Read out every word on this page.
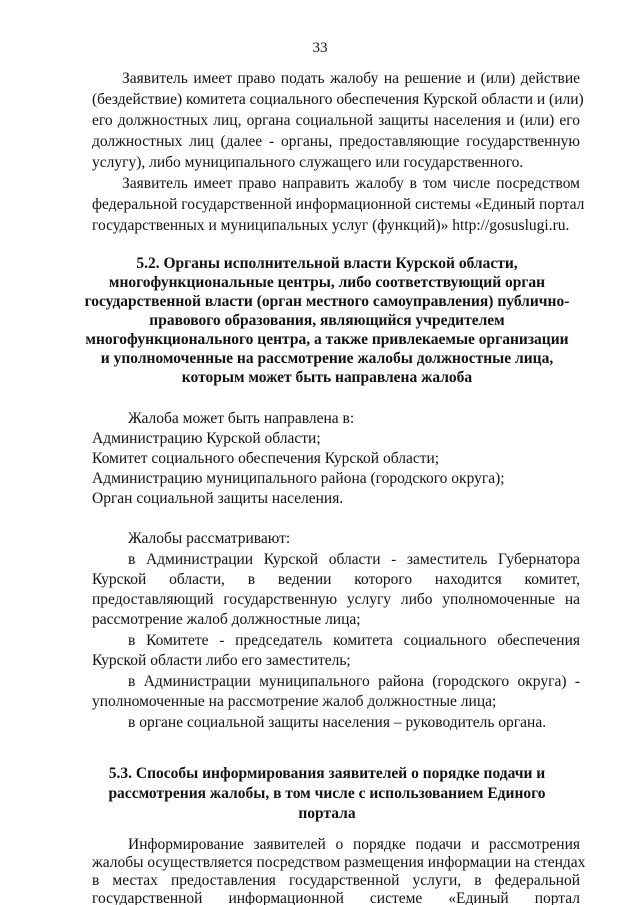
33
Заявитель имеет право подать жалобу на решение и (или) действие
(бездействие) комитета социального обеспечения Курской области и (или)
его должностных лиц, органа социальной защиты населения и (или) его
должностных лиц (далее - органы, предоставляющие государственную
услугу), либо муниципального служащего или государственного.
Заявитель имеет право направить жалобу в том числе посредством
федеральной государственной информационной системы «Единый портал
государственных и муниципальных услуг (функций)» http://gosuslugi.ru.
5.2. Органы исполнительной власти Курской области,
многофункциональные центры, либо соответствующий орган
государственной власти (орган местного самоуправления) публично-
правового образования, являющийся учредителем
многофункционального центра, а также привлекаемые организации
и уполномоченные на рассмотрение жалобы должностные лица,
которым может быть направлена жалоба
Жалоба может быть направлена в:
Администрацию Курской области;
Комитет социального обеспечения Курской области;
Администрацию муниципального района (городского округа);
Орган социальной защиты населения.
Жалобы рассматривают:
в Администрации Курской области - заместитель Губернатора
Курской области, в ведении которого находится комитет,
предоставляющий государственную услугу либо уполномоченные на
рассмотрение жалоб должностные лица;
в Комитете - председатель комитета социального обеспечения
Курской области либо его заместитель;
в Администрации муниципального района (городского округа) -
уполномоченные на рассмотрение жалоб должностные лица;
в органе социальной защиты населения – руководитель органа.
5.3. Способы информирования заявителей о порядке подачи и
рассмотрения жалобы, в том числе с использованием Единого
портала
Информирование заявителей о порядке подачи и рассмотрения
жалобы осуществляется посредством размещения информации на стендах
в местах предоставления государственной услуги, в федеральной
государственной информационной системе «Единый портал
